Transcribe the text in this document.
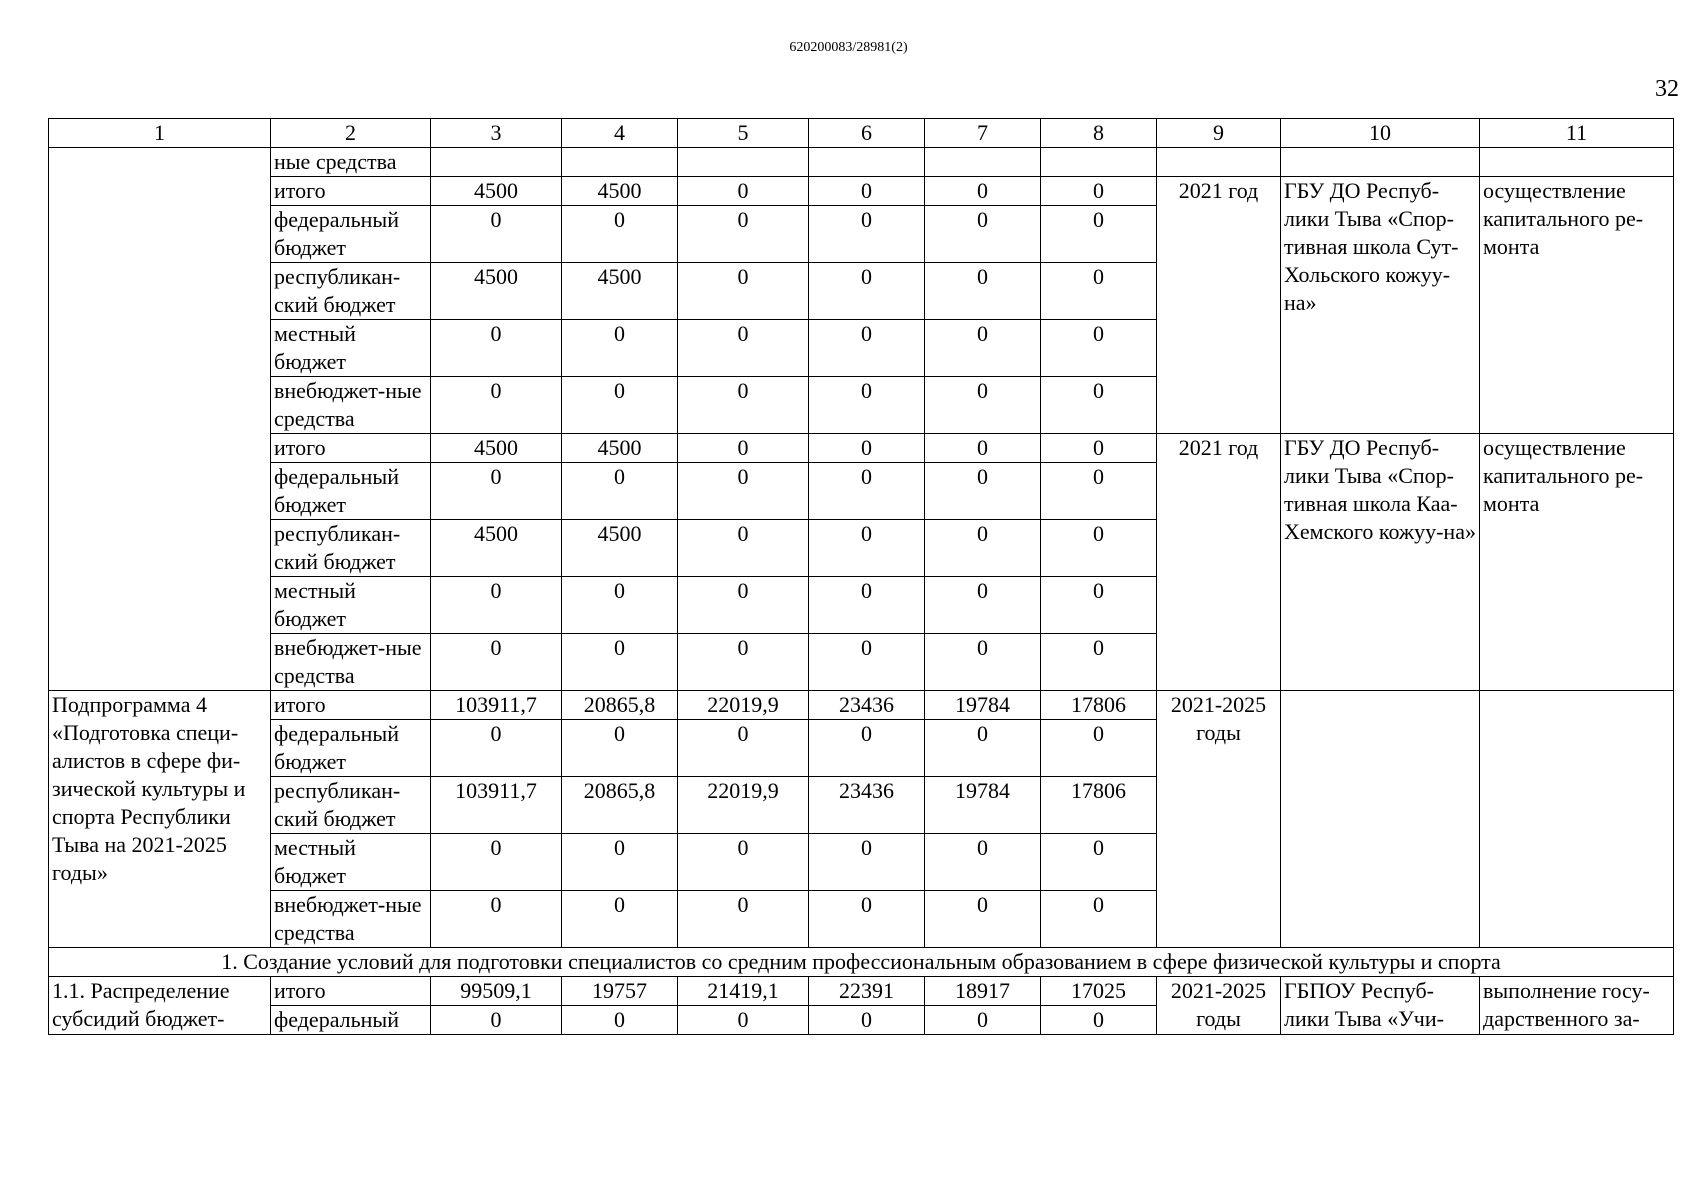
620200083/28981(2)
32
1	2	3	4	5	6	7	8	9	10	11
	ные средства									
	итого	4500	4500	0	0	0	0	2021 год	ГБУ ДО Респуб-лики Тыва «Спор-тивная школа Сут-Хольского кожуу-на»	осуществление капитального ре-монта
	федеральный бюджет	0	0	0	0	0	0			
	республикан-ский бюджет	4500	4500	0	0	0	0			
	местный бюджет	0	0	0	0	0	0			
	внебюджет-ные средства	0	0	0	0	0	0			
	итого	4500	4500	0	0	0	0	2021 год	ГБУ ДО Респуб-лики Тыва «Спор-тивная школа Каа-Хемского кожуу-на»	осуществление капитального ре-монта
	федеральный бюджет	0	0	0	0	0	0			
	республикан-ский бюджет	4500	4500	0	0	0	0			
	местный бюджет	0	0	0	0	0	0			
	внебюджет-ные средства	0	0	0	0	0	0			
Подпрограмма 4 «Подготовка специ-алистов в сфере фи-зической культуры и спорта Республики Тыва на 2021-2025 годы»	итого	103911,7	20865,8	22019,9	23436	19784	17806	2021-2025 годы		
	федеральный бюджет	0	0	0	0	0	0			
	республикан-ский бюджет	103911,7	20865,8	22019,9	23436	19784	17806			
	местный бюджет	0	0	0	0	0	0			
	внебюджет-ные средства	0	0	0	0	0	0			
1. Создание условий для подготовки специалистов со средним профессиональным образованием в сфере физической культуры и спорта										
1.1. Распределение субсидий бюджет-	итого	99509,1	19757	21419,1	22391	18917	17025	2021-2025 годы	ГБПОУ Респуб-лики Тыва «Учи-	выполнение госу-дарственного за-
	федеральный	0	0	0	0	0	0			
